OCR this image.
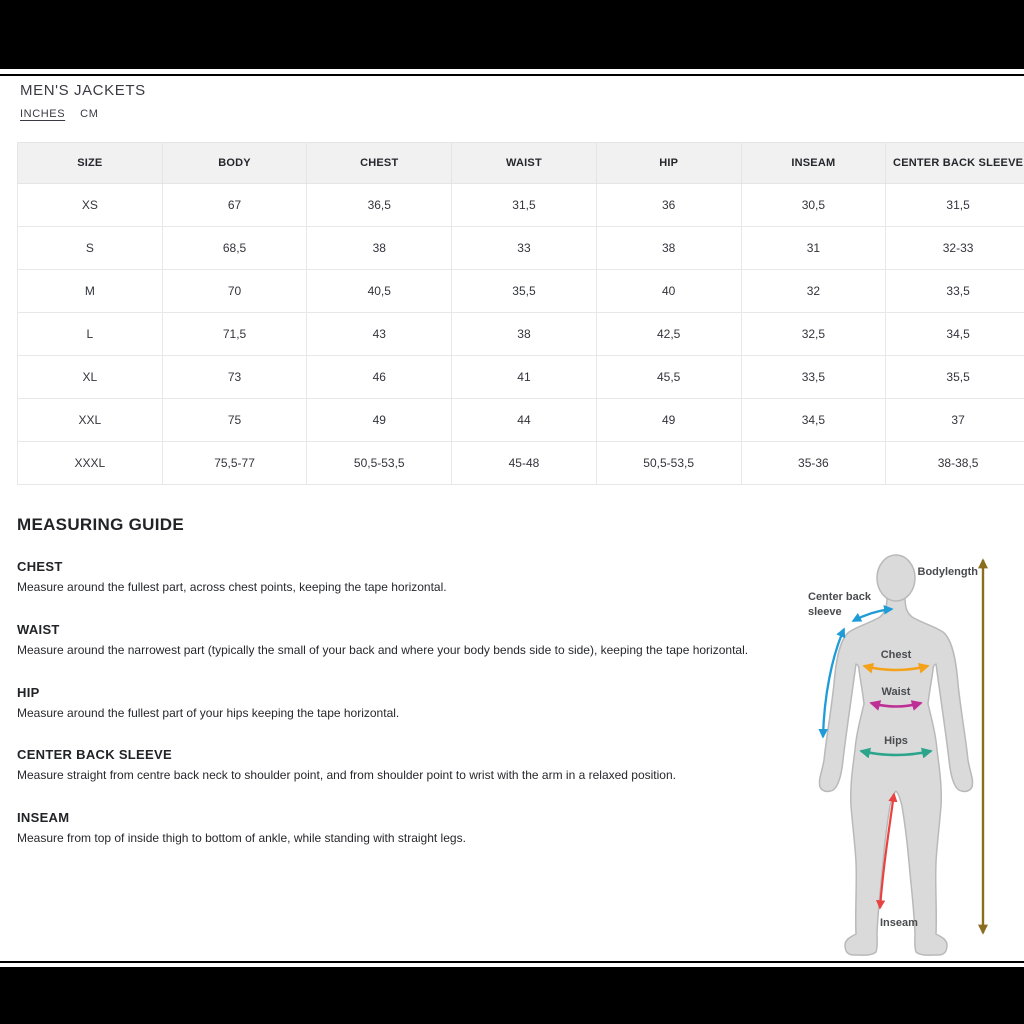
MEN'S JACKETS
INCHES CM
SIZE	BODY	CHEST	WAIST	HIP	INSEAM	CENTER BACK SLEEVE
XS	67	36,5	31,5	36	30,5	31,5
S	68,5	38	33	38	31	32-33
M	70	40,5	35,5	40	32	33,5
L	71,5	43	38	42,5	32,5	34,5
XL	73	46	41	45,5	33,5	35,5
XXL	75	49	44	49	34,5	37
XXXL	75,5-77	50,5-53,5	45-48	50,5-53,5	35-36	38-38,5
MEASURING GUIDE
CHEST
Measure around the fullest part, across chest points, keeping the tape horizontal.
WAIST
Measure around the narrowest part (typically the small of your back and where your body bends side to side), keeping the tape horizontal.
HIP
Measure around the fullest part of your hips keeping the tape horizontal.
CENTER BACK SLEEVE
Measure straight from centre back neck to shoulder point, and from shoulder point to wrist with the arm in a relaxed position.
INSEAM
Measure from top of inside thigh to bottom of ankle, while standing with straight legs.
Bodylength
Center back
sleeve
Chest
Waist
Hips
Inseam
